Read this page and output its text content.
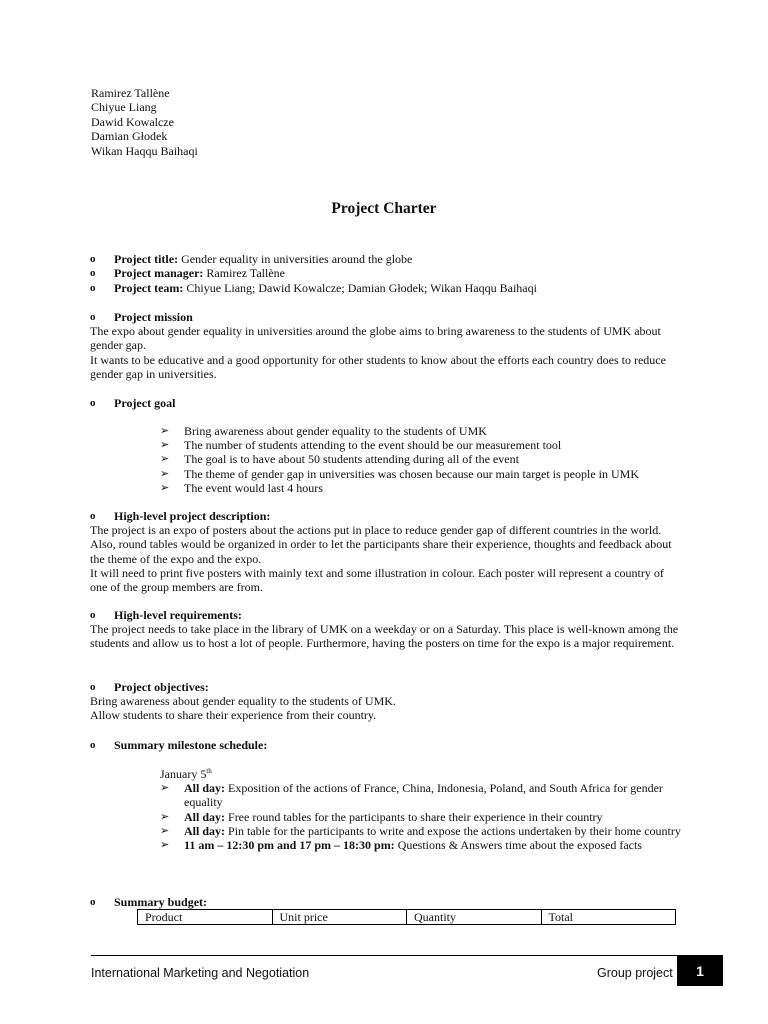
Ramirez Tallène
Chiyue Liang
Dawid Kowalcze
Damian Głodek
Wikan Haqqu Baihaqi
Project Charter
o Project title: Gender equality in universities around the globe
o Project manager: Ramirez Tallène
o Project team: Chiyue Liang; Dawid Kowalcze; Damian Głodek; Wikan Haqqu Baihaqi
o Project mission

The expo about gender equality in universities around the globe aims to bring awareness to the students of UMK about gender gap.

It wants to be educative and a good opportunity for other students to know about the efforts each country does to reduce gender gap in universities.

o Project goal
➢ Bring awareness about gender equality to the students of UMK
➢ The number of students attending to the event should be our measurement tool
➢ The goal is to have about 50 students attending during all of the event
➢ The theme of gender gap in universities was chosen because our main target is people in UMK
➢ The event would last 4 hours
o High-level project description:

The project is an expo of posters about the actions put in place to reduce gender gap of different countries in the world. Also, round tables would be organized in order to let the participants share their experience, thoughts and feedback about the theme of the expo and the expo.

It will need to print five posters with mainly text and some illustration in colour. Each poster will represent a country of one of the group members are from.

o High-level requirements:

The project needs to take place in the library of UMK on a weekday or on a Saturday. This place is well-known among the students and allow us to host a lot of people. Furthermore, having the posters on time for the expo is a major requirement.

o Project objectives:

Bring awareness about gender equality to the students of UMK.

Allow students to share their experience from their country.

o Summary milestone schedule:
January 5th
➢ All day: Exposition of the actions of France, China, Indonesia, Poland, and South Africa for gender equality
➢ All day: Free round tables for the participants to share their experience in their country
➢ All day: Pin table for the participants to write and expose the actions undertaken by their home country
➢ 11 am – 12:30 pm and 17 pm – 18:30 pm: Questions & Answers time about the exposed facts
o Summary budget:
Product	Unit price	Quantity	Total
International Marketing and Negotiation	Group project	1
